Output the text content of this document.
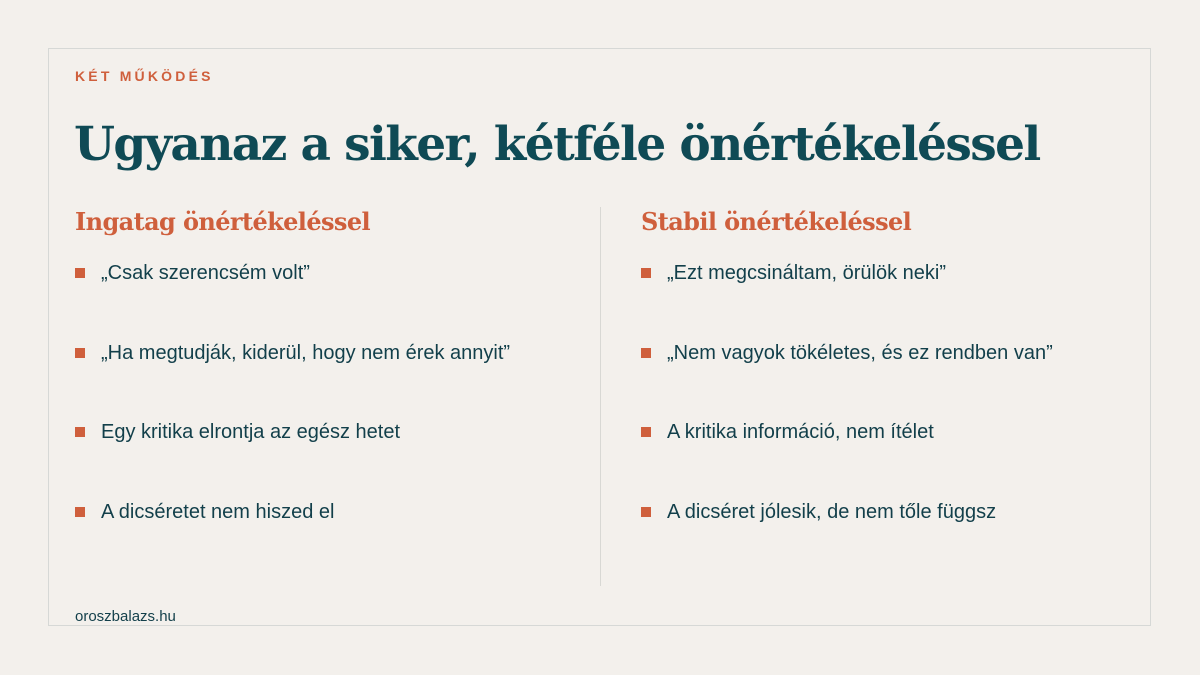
KÉT MŰKÖDÉS
Ugyanaz a siker, kétféle önértékeléssel
Ingatag önértékeléssel
„Csak szerencsém volt”
„Ha megtudják, kiderül, hogy nem érek annyit”
Egy kritika elrontja az egész hetet
A dicséretet nem hiszed el
Stabil önértékeléssel
„Ezt megcsináltam, örülök neki”
„Nem vagyok tökéletes, és ez rendben van”
A kritika információ, nem ítélet
A dicséret jólesik, de nem tőle függsz
oroszbalazs.hu
